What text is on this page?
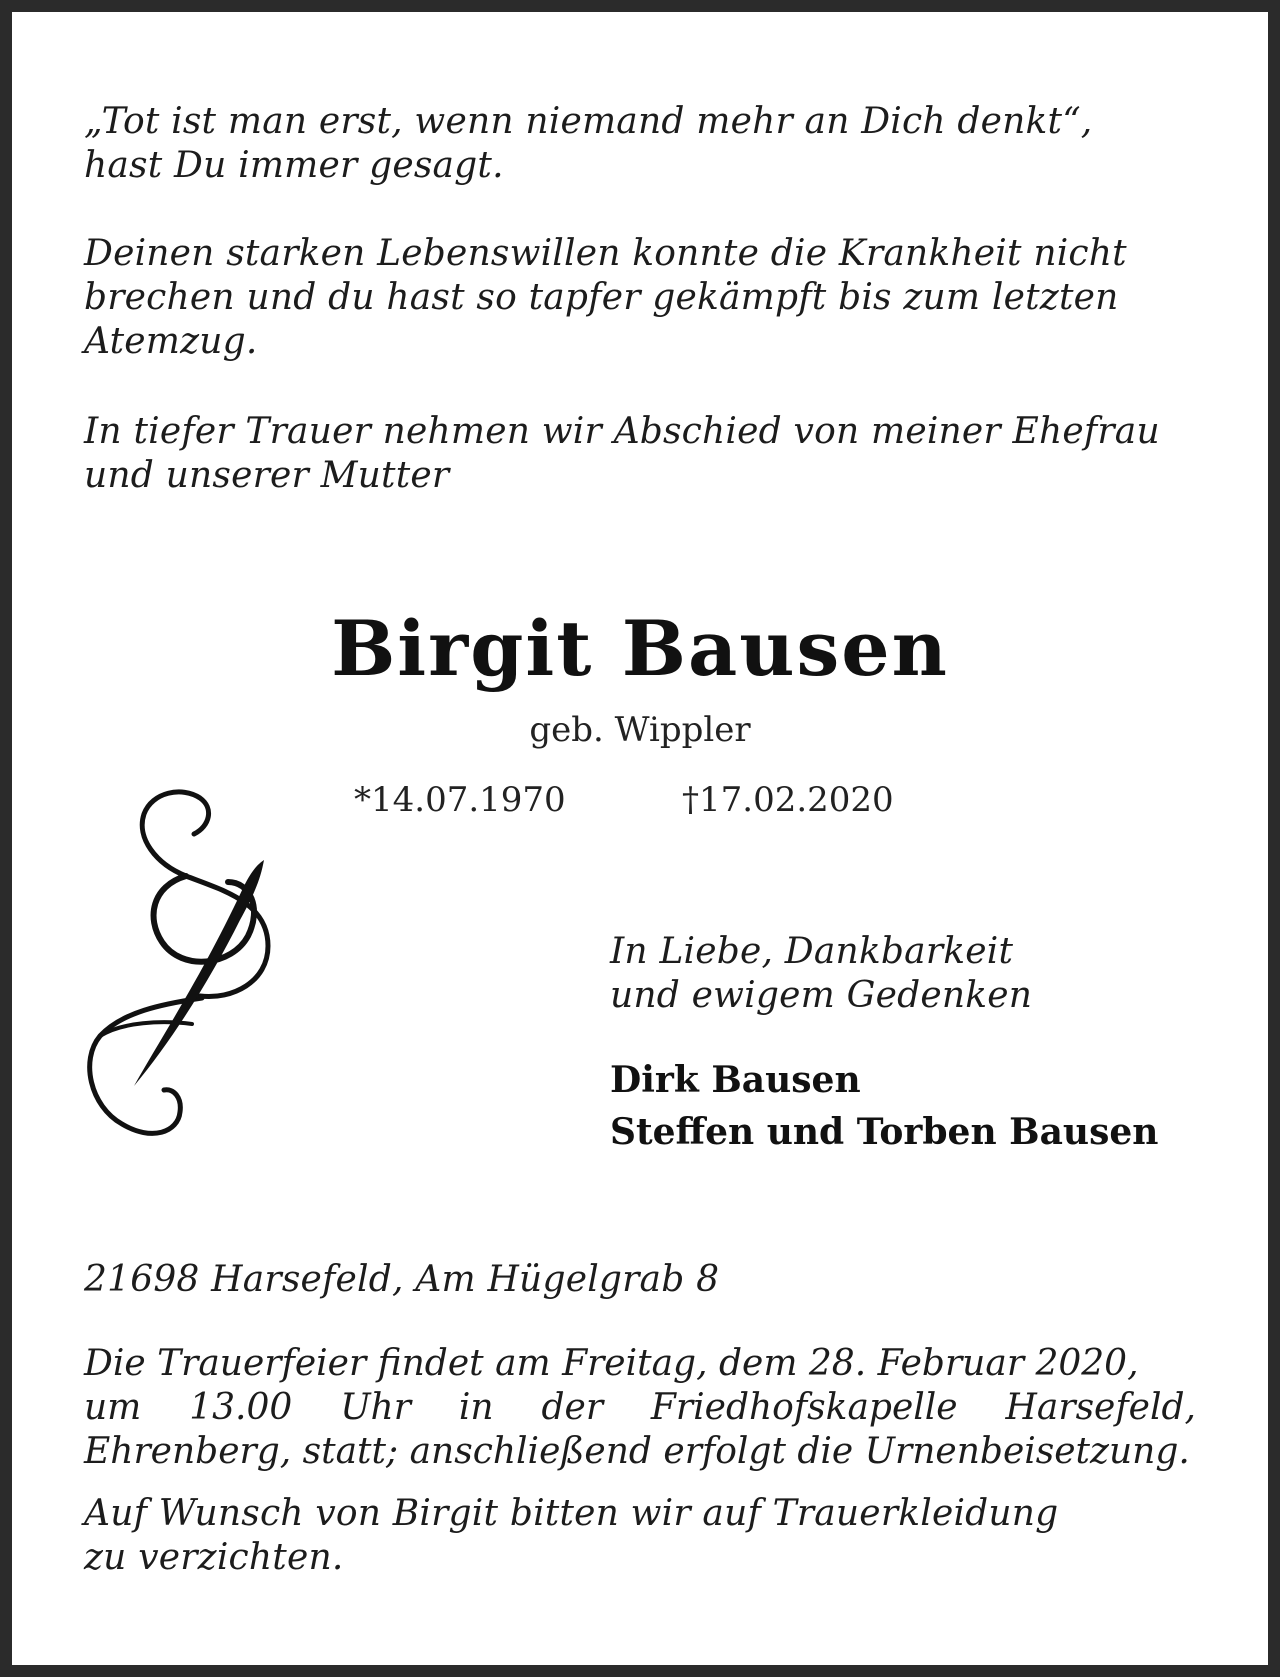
„Tot ist man erst, wenn niemand mehr an Dich denkt“,
hast Du immer gesagt.
Deinen starken Lebenswillen konnte die Krankheit nicht
brechen und du hast so tapfer gekämpft bis zum letzten
Atemzug.
In tiefer Trauer nehmen wir Abschied von meiner Ehefrau
und unserer Mutter
Birgit Bausen
geb. Wippler
*14.07.1970	†17.02.2020
In Liebe, Dankbarkeit
und ewigem Gedenken
Dirk Bausen
Steffen und Torben Bausen
21698 Harsefeld, Am Hügelgrab 8
Die Trauerfeier findet am Freitag, dem 28. Februar 2020,
um 13.00 Uhr in der Friedhofskapelle Harsefeld,
Ehrenberg, statt; anschließend erfolgt die Urnenbeisetzung.
Auf Wunsch von Birgit bitten wir auf Trauerkleidung
zu verzichten.
